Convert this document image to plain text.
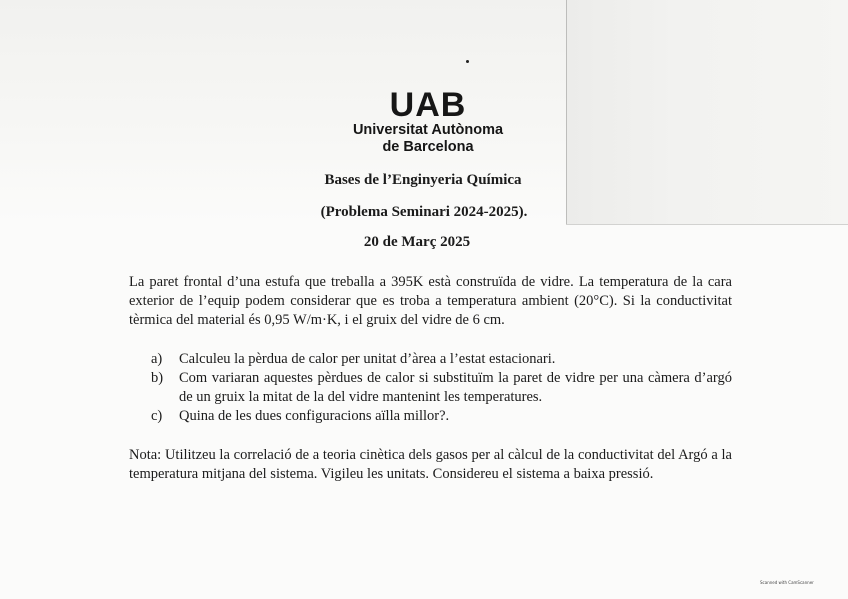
UAB
Universitat Autònoma
de Barcelona
Bases de l’Enginyeria Química
(Problema Seminari 2024-2025).
20 de Març 2025
La paret frontal d’una estufa que treballa a 395K està construïda de vidre. La temperatura de la cara exterior de l’equip podem considerar que es troba a temperatura ambient (20°C). Si la conductivitat tèrmica del material és 0,95 W/m·K, i el gruix del vidre de 6 cm.
a)	Calculeu la pèrdua de calor per unitat d’àrea a l’estat estacionari.
b)	Com variaran aquestes pèrdues de calor si substituïm la paret de vidre per una càmera d’argó de un gruix la mitat de la del vidre mantenint les temperatures.
c)	Quina de les dues configuracions aïlla millor?.
Nota: Utilitzeu la correlació de a teoria cinètica dels gasos per al càlcul de la conductivitat del Argó a la temperatura mitjana del sistema. Vigileu les unitats. Considereu el sistema a baixa pressió.
Scanned with CamScanner
